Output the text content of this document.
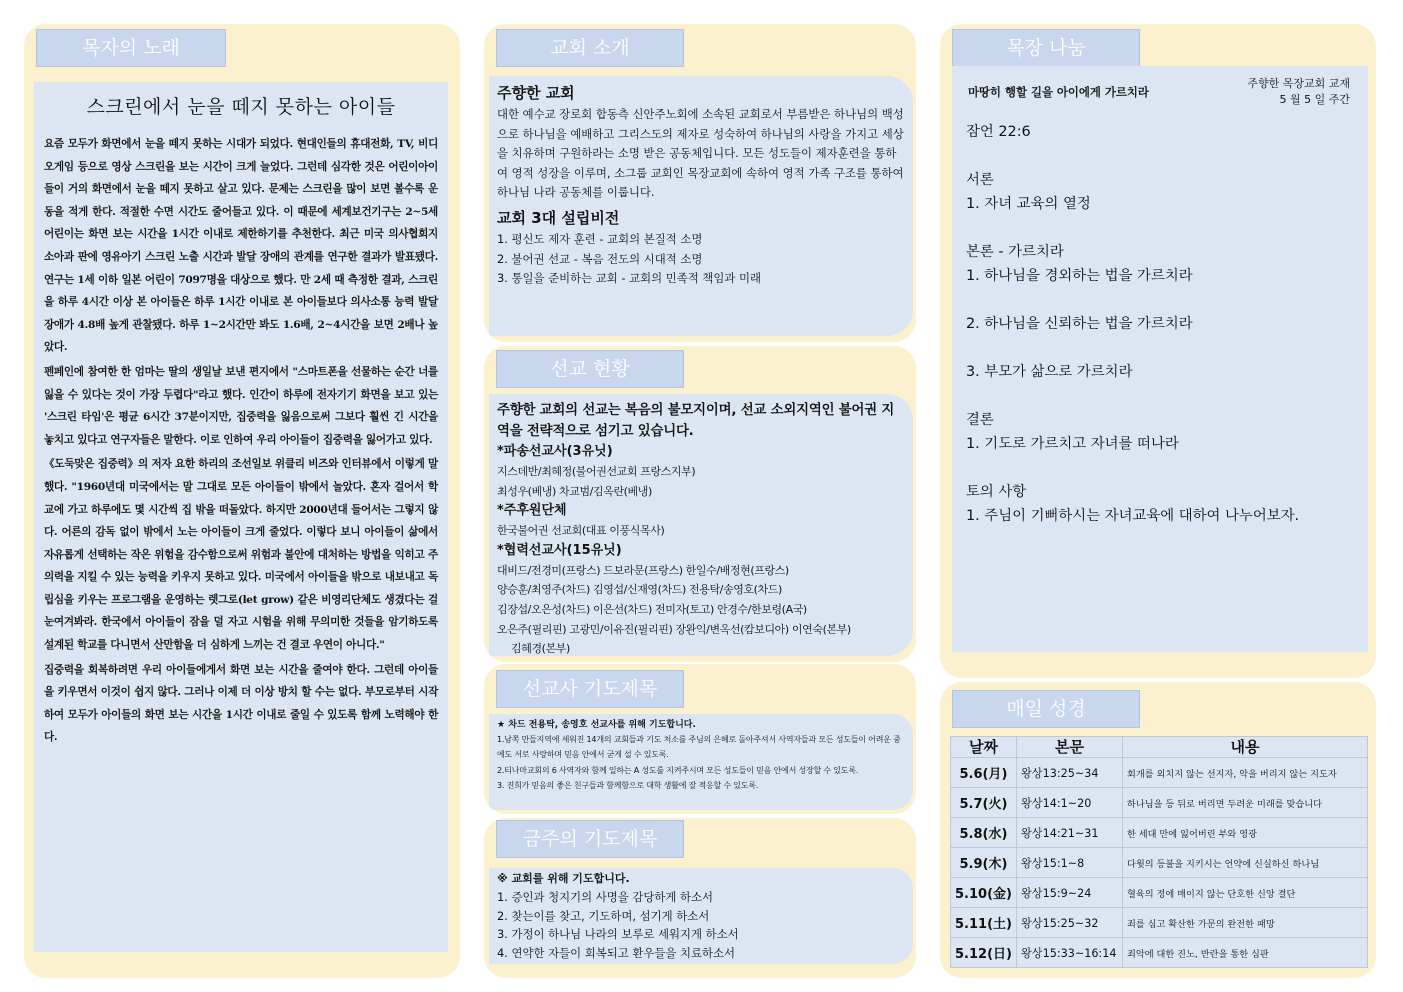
목자의 노래
스크린에서 눈을 떼지 못하는 아이들

요즘 모두가 화면에서 눈을 떼지 못하는 시대가 되었다. 현대인들의 휴대전화, TV, 비디오게임 등으로 영상 스크린을 보는 시간이 크게 늘었다. 그런데 심각한 것은 어린이아이들이 거의 화면에서 눈을 떼지 못하고 살고 있다. 문제는 스크린을 많이 보면 볼수록 운동을 적게 한다. 적절한 수면 시간도 줄어들고 있다. 이 때문에 세계보건기구는 2~5세 어린이는 화면 보는 시간을 1시간 이내로 제한하기를 추천한다. 최근 미국 의사협회지 소아과 판에 영유아기 스크린 노출 시간과 발달 장애의 관계를 연구한 결과가 발표됐다. 연구는 1세 이하 일본 어린이 7097명을 대상으로 했다. 만 2세 때 측정한 결과, 스크린을 하루 4시간 이상 본 아이들은 하루 1시간 이내로 본 아이들보다 의사소통 능력 발달 장애가 4.8배 높게 관찰됐다. 하루 1~2시간만 봐도 1.6배, 2~4시간을 보면 2배나 높았다.

펜페인에 참여한 한 엄마는 딸의 생일날 보낸 편지에서 "스마트폰을 선물하는 순간 너를 잃을 수 있다는 것이 가장 두렵다"라고 했다. 인간이 하루에 전자기기 화면을 보고 있는 '스크린 타임'은 평균 6시간 37분이지만, 집중력을 잃음으로써 그보다 훨씬 긴 시간을 놓치고 있다고 연구자들은 말한다. 이로 인하여 우리 아이들이 집중력을 잃어가고 있다.

《도둑맞은 집중력》의 저자 요한 하리의 조선일보 위클리 비즈와 인터뷰에서 이렇게 말했다. "1960년대 미국에서는 말 그대로 모든 아이들이 밖에서 놀았다. 혼자 걸어서 학교에 가고 하루에도 몇 시간씩 집 밖을 떠돌았다. 하지만 2000년대 들어서는 그렇지 않다. 어른의 감독 없이 밖에서 노는 아이들이 크게 줄었다. 이렇다 보니 아이들이 삶에서 자유롭게 선택하는 작은 위험을 감수함으로써 위험과 불안에 대처하는 방법을 익히고 주의력을 지킬 수 있는 능력을 키우지 못하고 있다. 미국에서 아이들을 밖으로 내보내고 독립심을 키우는 프로그램을 운영하는 렛그로(let grow) 같은 비영리단체도 생겼다는 걸 눈여겨봐라. 한국에서 아이들이 잠을 덜 자고 시험을 위해 무의미한 것들을 암기하도록 설계된 학교를 다니면서 산만함을 더 심하게 느끼는 건 결코 우연이 아니다."

집중력을 회복하려면 우리 아이들에게서 화면 보는 시간을 줄여야 한다. 그런데 아이들을 키우면서 이것이 쉽지 않다. 그러나 이제 더 이상 방치 할 수는 없다. 부모로부터 시작하여 모두가 아이들의 화면 보는 시간을 1시간 이내로 줄일 수 있도록 함께 노력해야 한다.

교회 소개
주향한 교회
대한 예수교 장로회 합동측 신안주노회에 소속된 교회로서 부름받은 하나님의 백성으로 하나님을 예배하고 그리스도의 제자로 성숙하여 하나님의 사랑을 가지고 세상을 치유하며 구원하라는 소명 받은 공동체입니다. 모든 성도들이 제자훈련을 통하여 영적 성장을 이루며, 소그룹 교회인 목장교회에 속하여 영적 가족 구조를 통하여 하나님 나라 공동체를 이룹니다.
교회 3대 설립비전
1. 평신도 제자 훈련 - 교회의 본질적 소명
2. 불어권 선교 - 복음 전도의 시대적 소명
3. 통일을 준비하는 교회 - 교회의 민족적 책임과 미래
선교 현황
주향한 교회의 선교는 복음의 불모지이며, 선교 소외지역인 불어권 지역을 전략적으로 섬기고 있습니다.
*파송선교사(3유닛)
지스데반/최혜정(불어권선교회 프랑스지부)
최성우(베냉) 차교범/김옥란(베냉)
*주후원단체
한국불어권 선교회(대표 이풍식목사)
*협력선교사(15유닛)
대비드/전경미(프랑스) 드보라문(프랑스) 한일수/배정현(프랑스)
양승훈/최영주(차드) 김영섭/신재영(차드) 전용탁/송영호(차드)
김장섭/오은성(차드) 이은선(차드) 전미자(토고) 안경수/한보령(A국)
오은주(필리핀) 고광민/이유진(필리핀) 장완익/변옥선(캄보디아) 이연숙(본부)
김혜경(본부)
선교사 기도제목
★ 차드 전용탁, 송영호 선교사를 위해 기도합니다.
1.남쪽 만들지역에 세워진 14개의 교회들과 기도 처소를 주님의 은혜로 돌아주셔서 사역자들과 모든 성도들이 어려운 중에도 서로 사랑하며 믿음 안에서 굳게 설 수 있도록.
2.티나마교회의 6 사역자와 함께 일하는 A 성도를 지켜주시며 모든 성도들이 믿음 안에서 성장할 수 있도록.
3. 진희가 믿음의 좋은 친구들과 함께함으로 대학 생활에 잘 적응할 수 있도록.
금주의 기도제목
※ 교회를 위해 기도합니다.
1. 증인과 청지기의 사명을 감당하게 하소서
2. 찾는이를 찾고, 기도하며, 섬기게 하소서
3. 가정이 하나님 나라의 보루로 세워지게 하소서
4. 연약한 자들이 회복되고 환우들을 치료하소서
목장 나눔
마땅히 행할 길을 아이에게 가르치라
주향한 목장교회 교재
5 월 5 일 주간
잠언 22:6
서론
1. 자녀 교육의 열정
본론 - 가르치라
1. 하나님을 경외하는 법을 가르치라
2. 하나님을 신뢰하는 법을 가르치라
3. 부모가 삶으로 가르치라
결론
1. 기도로 가르치고 자녀를 떠나라
토의 사항
1. 주님이 기뻐하시는 자녀교육에 대하여 나누어보자.
매일 성경
날짜	본문	내용
5.6(月)	왕상13:25~34	회개를 외치지 않는 선지자, 악을 버리지 않는 지도자
5.7(火)	왕상14:1~20	하나님을 등 뒤로 버리면 두려운 미래를 맞습니다
5.8(水)	왕상14:21~31	한 세대 만에 잃어버린 부와 영광
5.9(木)	왕상15:1~8	다윗의 등불을 지키시는 언약에 신실하신 하나님
5.10(金)	왕상15:9~24	혈육의 정에 매이지 않는 단호한 신앙 결단
5.11(土)	왕상15:25~32	죄를 심고 확산한 가문의 완전한 패망
5.12(日)	왕상15:33~16:14	죄악에 대한 진노, 반란을 통한 심판
